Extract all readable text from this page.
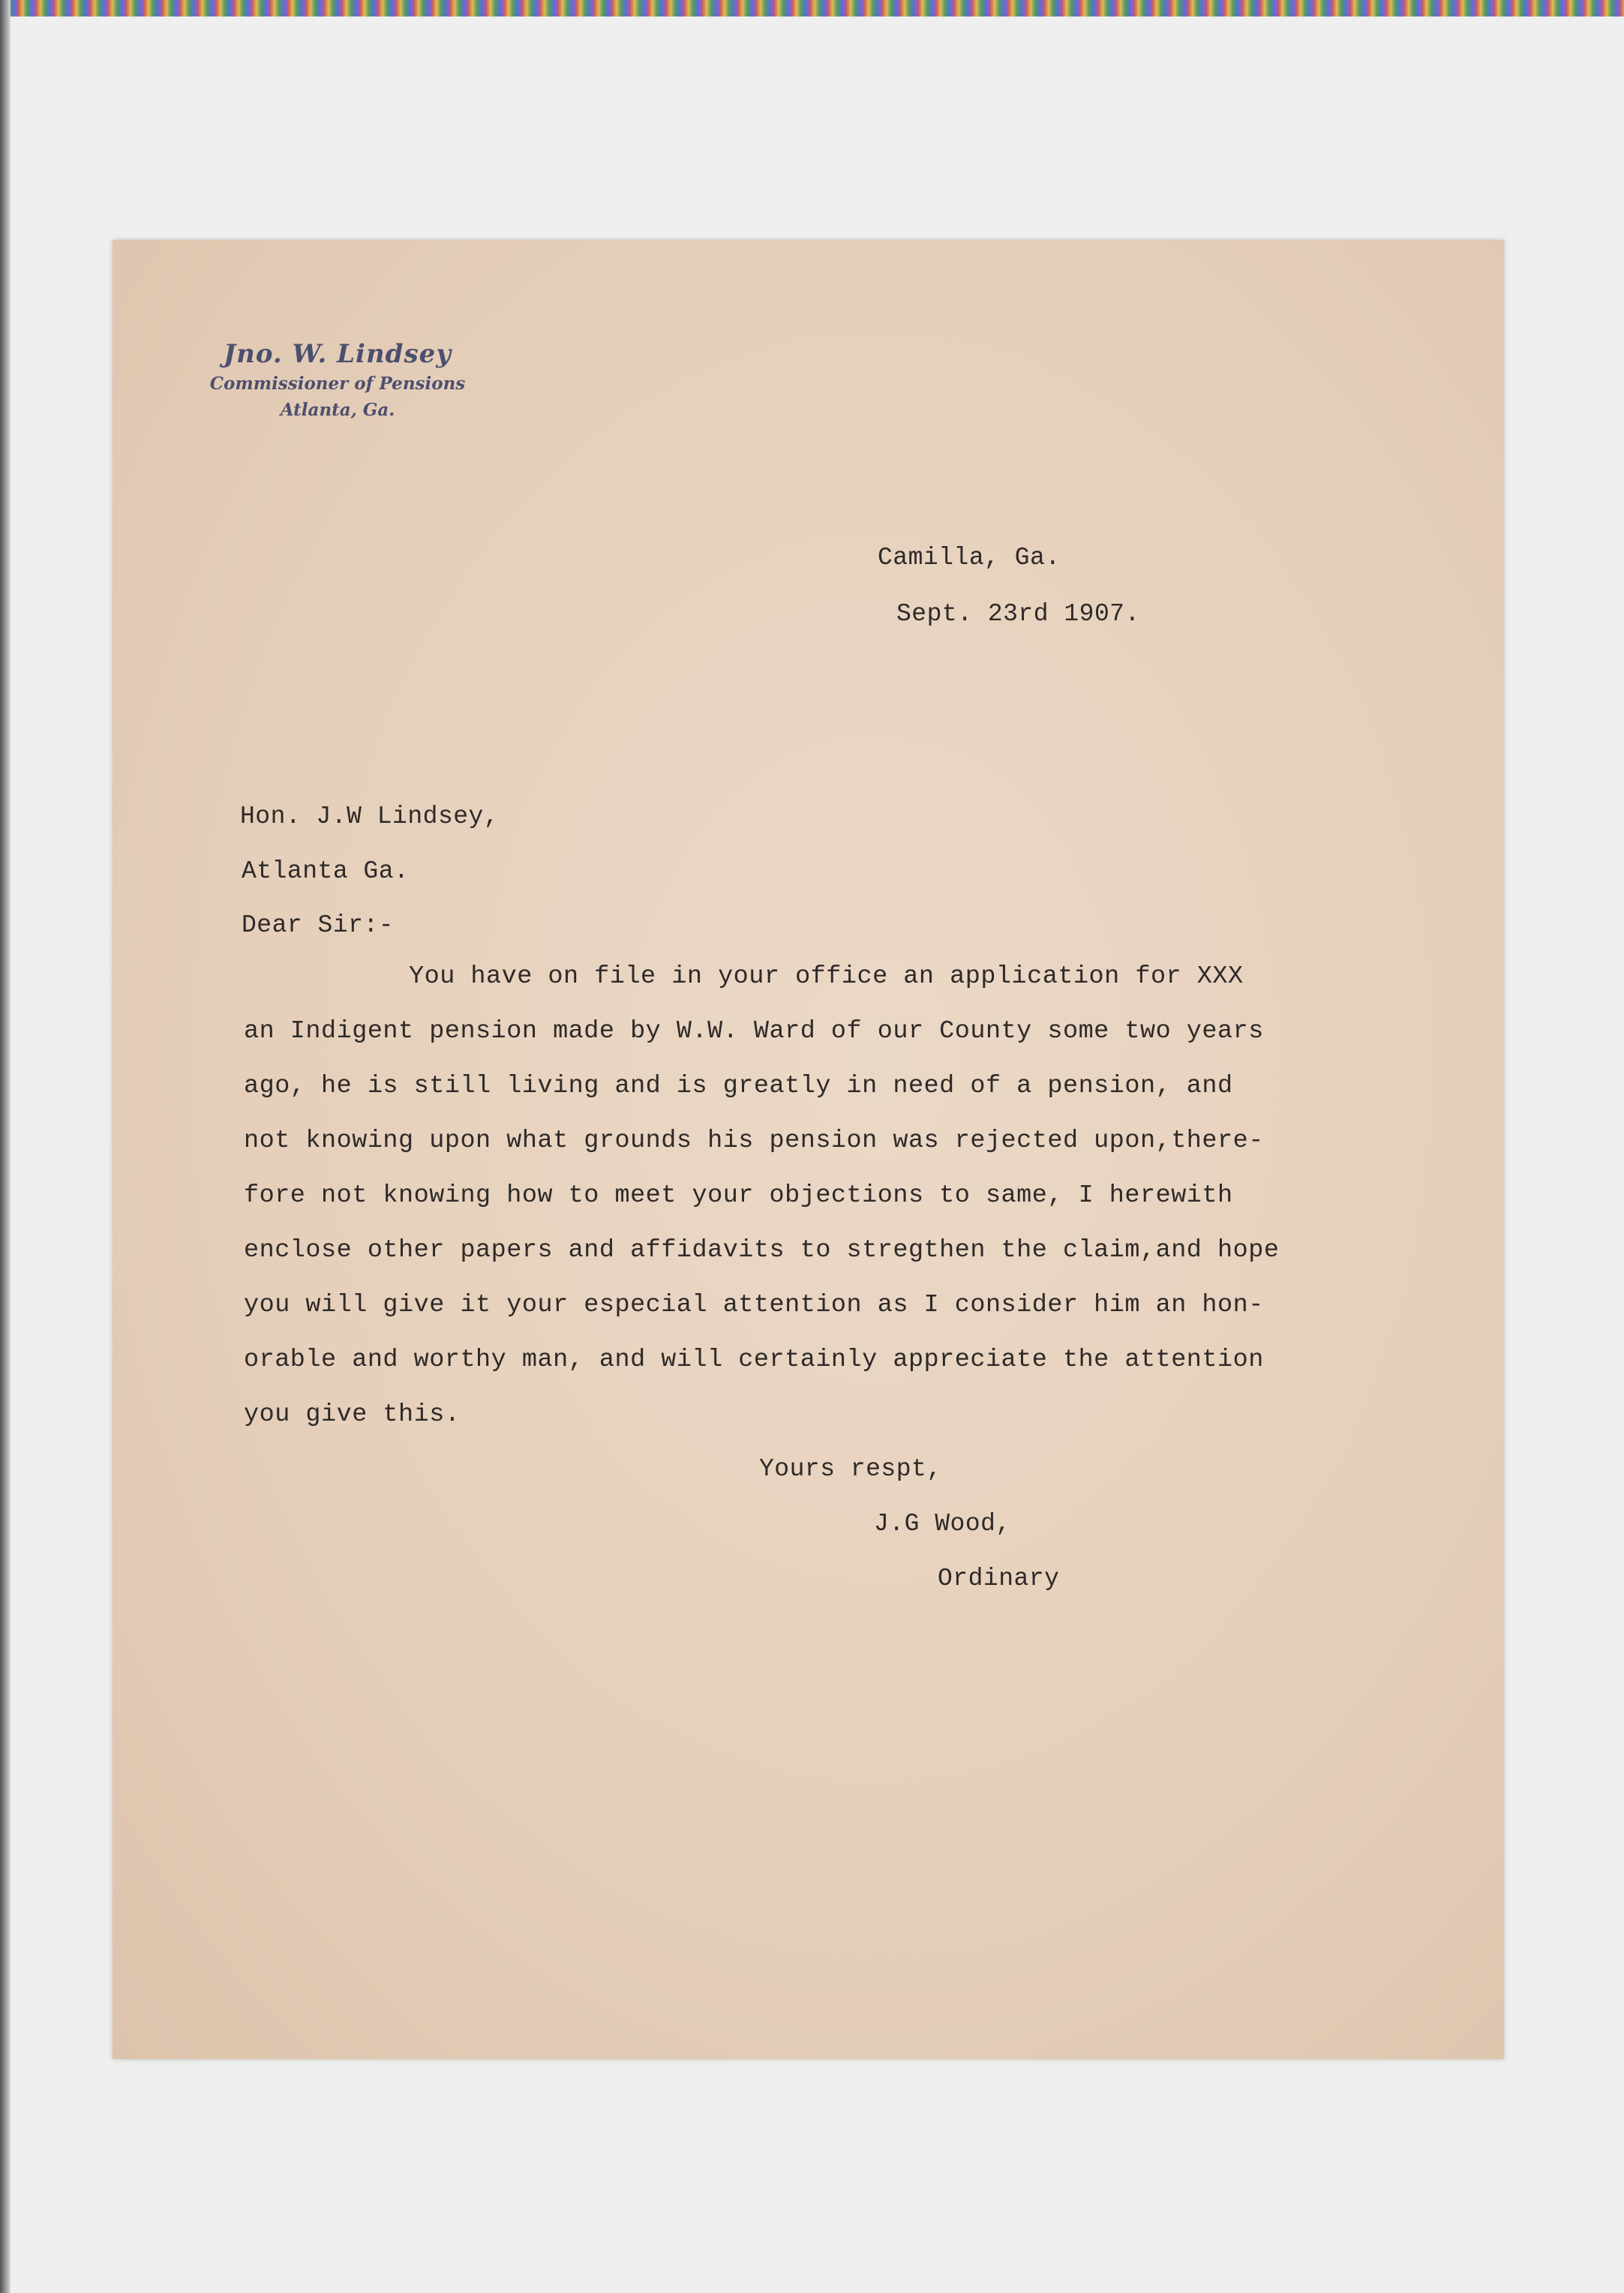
Jno. W. Lindsey
Commissioner of Pensions
Atlanta, Ga.
Camilla, Ga.
Sept. 23rd 1907.
Hon. J.W Lindsey,
Atlanta Ga.
Dear Sir:-
You have on file in your office an application for XXX
an Indigent pension made by W.W. Ward of our County some two years
ago, he is still living and is greatly in need of a pension, and
not knowing upon what grounds his pension was rejected upon,there-
fore not knowing how to meet your objections to same, I herewith
enclose other papers and affidavits to stregthen the claim,and hope
you will give it your especial attention as I consider him an hon-
orable and worthy man, and will certainly appreciate the attention
you give this.
Yours respt,
J.G Wood,
Ordinary
